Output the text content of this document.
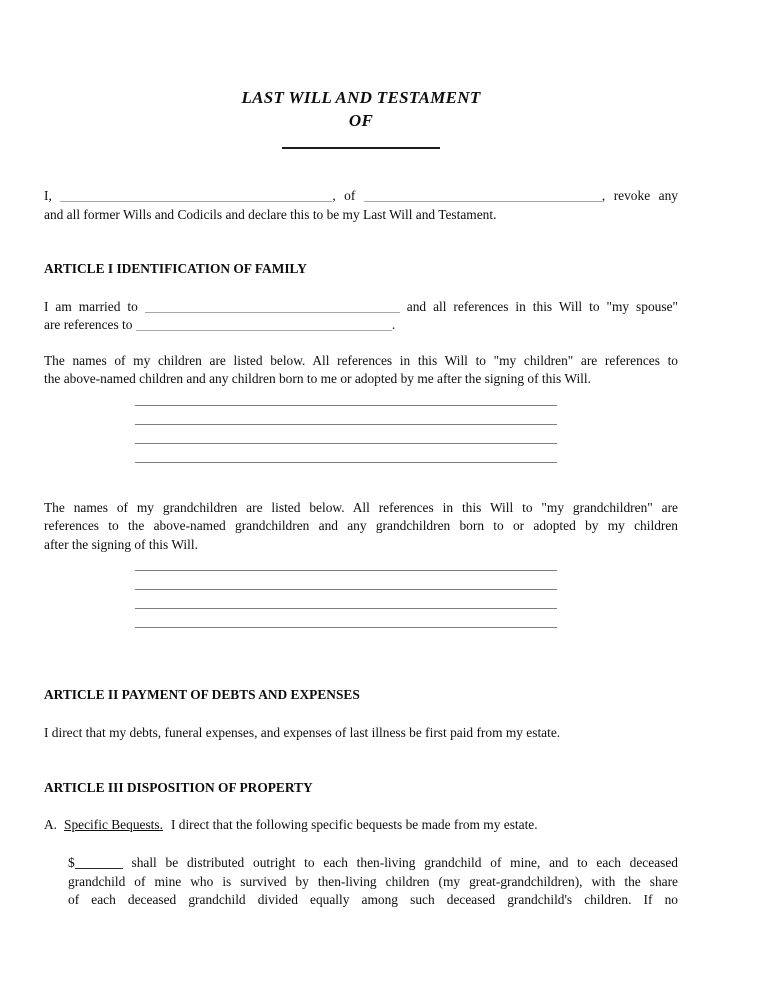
LAST WILL AND TESTAMENT
OF
I,	, of	, revoke any
and all former Wills and Codicils and declare this to be my Last Will and Testament.
ARTICLE I IDENTIFICATION OF FAMILY
I am married to	and all references in this Will to "my spouse"
are references to	.
The names of my children are listed below. All references in this Will to "my children" are references to
the above-named children and any children born to me or adopted by me after the signing of this Will.
The names of my grandchildren are listed below. All references in this Will to "my grandchildren" are
references to the above-named grandchildren and any grandchildren born to or adopted by my children
after the signing of this Will.
ARTICLE II PAYMENT OF DEBTS AND EXPENSES
I direct that my debts, funeral expenses, and expenses of last illness be first paid from my estate.
ARTICLE III DISPOSITION OF PROPERTY
A. Specific Bequests. I direct that the following specific bequests be made from my estate.
$	shall be distributed outright to each then-living grandchild of mine, and to each deceased
grandchild of mine who is survived by then-living children (my great-grandchildren), with the share
of each deceased grandchild divided equally among such deceased grandchild's children. If no
